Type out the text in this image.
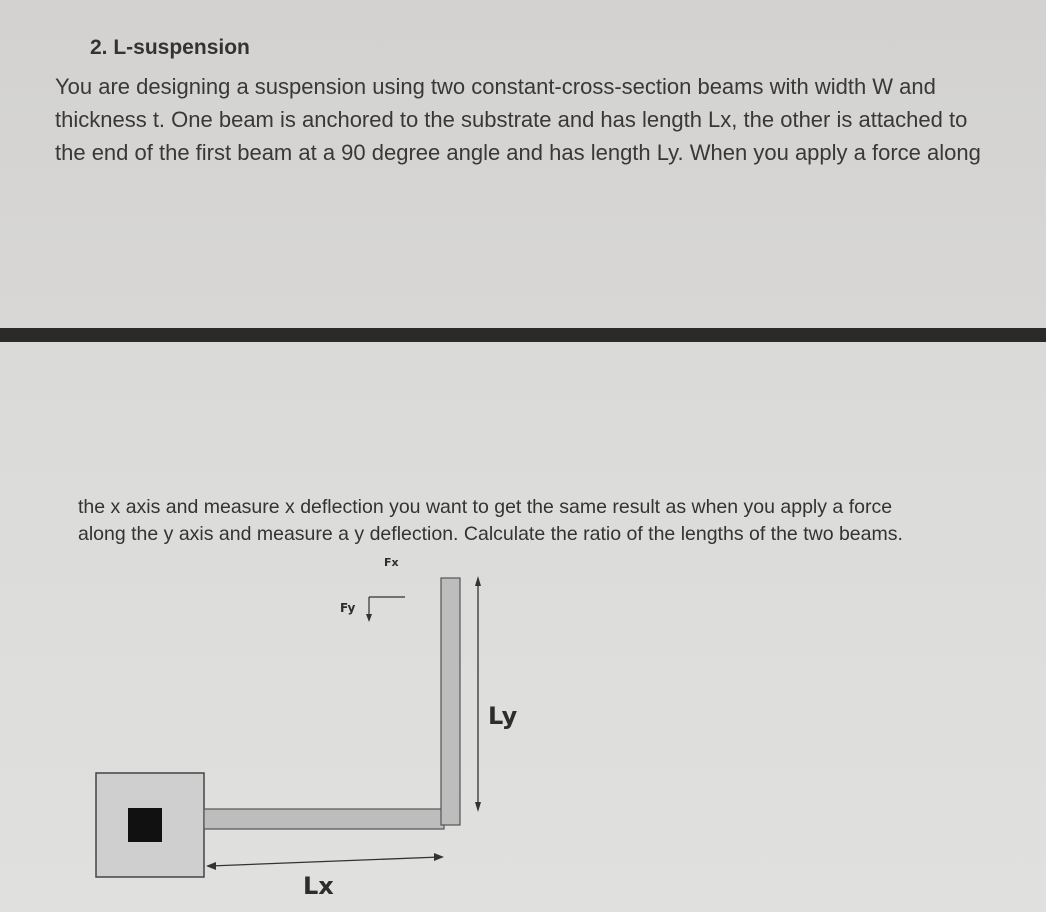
2. L-suspension
You are designing a suspension using two constant-cross-section beams with width W and
thickness t. One beam is anchored to the substrate and has length Lx, the other is attached to
the end of the first beam at a 90 degree angle and has length Ly. When you apply a force along
the x axis and measure x deflection you want to get the same result as when you apply a force
along the y axis and measure a y deflection. Calculate the ratio of the lengths of the two beams.
Fx
Fy
Ly
Lx
